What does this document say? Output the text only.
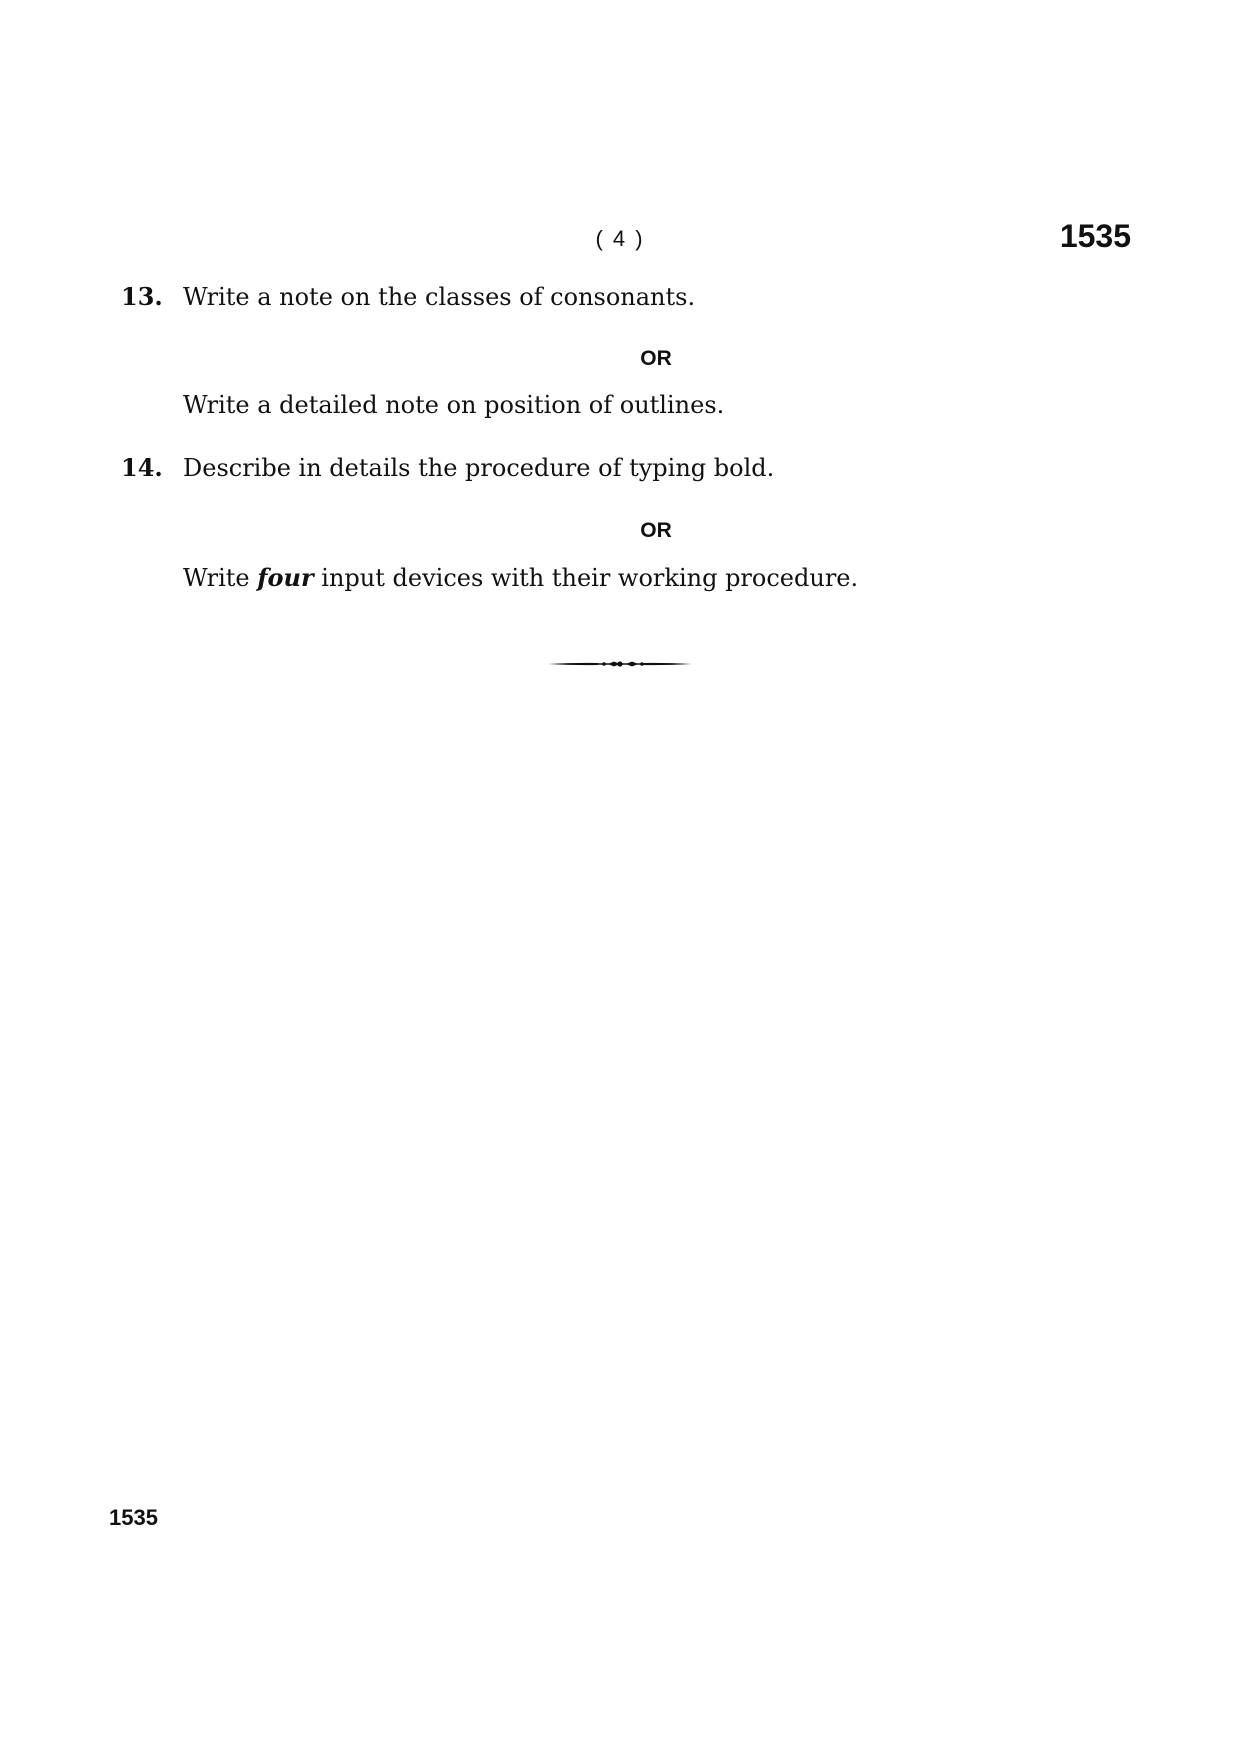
( 4 )	1535
13. Write a note on the classes of consonants.
OR
Write a detailed note on position of outlines.
14. Describe in details the procedure of typing bold.
OR
Write four input devices with their working procedure.
1535
